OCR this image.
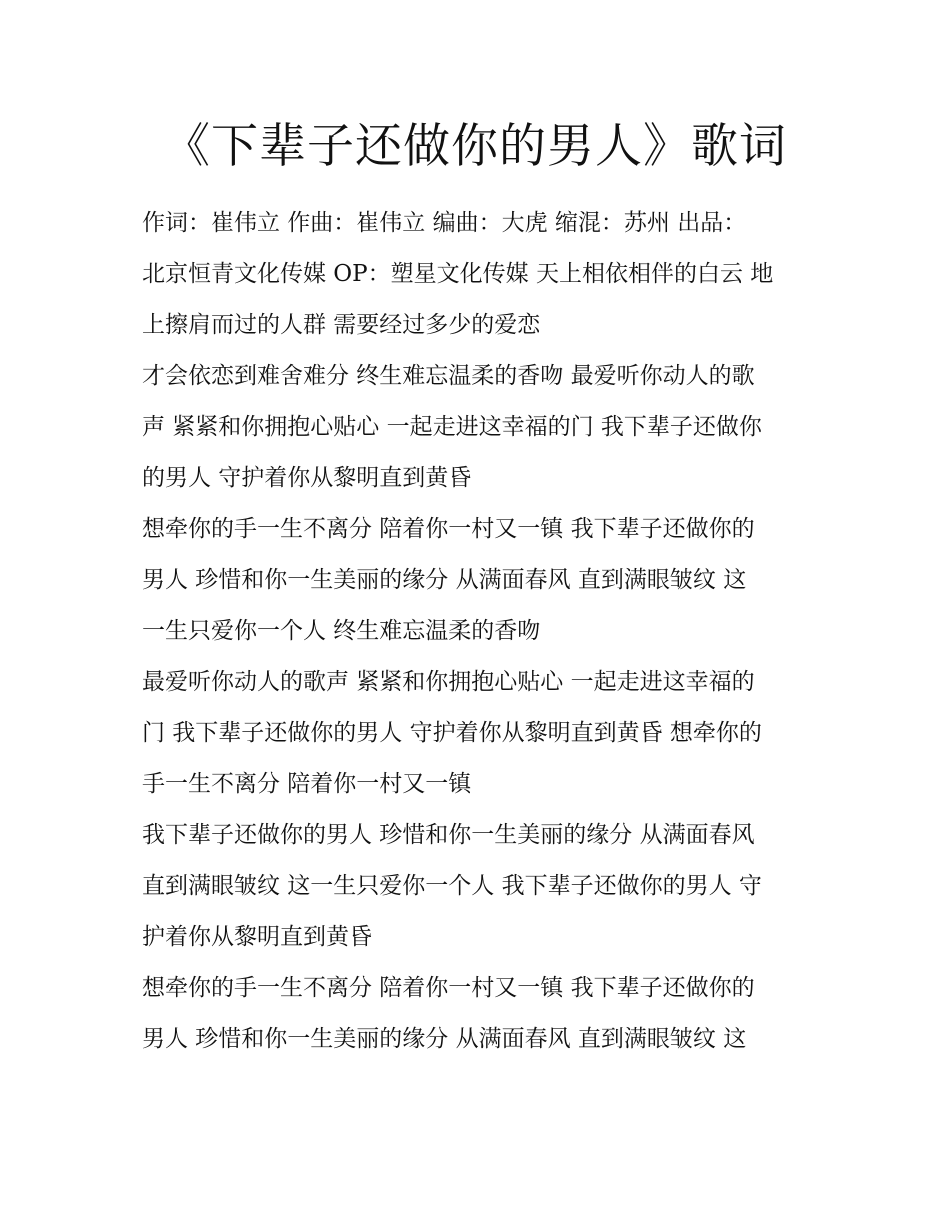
《下辈子还做你的男人》歌词
作词：崔伟立 作曲：崔伟立 编曲：大虎 缩混：苏州 出品：
北京恒青文化传媒 OP：塑星文化传媒 天上相依相伴的白云 地
上擦肩而过的人群 需要经过多少的爱恋
才会依恋到难舍难分 终生难忘温柔的香吻 最爱听你动人的歌
声 紧紧和你拥抱心贴心 一起走进这幸福的门 我下辈子还做你
的男人 守护着你从黎明直到黄昏
想牵你的手一生不离分 陪着你一村又一镇 我下辈子还做你的
男人 珍惜和你一生美丽的缘分 从满面春风 直到满眼皱纹 这
一生只爱你一个人 终生难忘温柔的香吻
最爱听你动人的歌声 紧紧和你拥抱心贴心 一起走进这幸福的
门 我下辈子还做你的男人 守护着你从黎明直到黄昏 想牵你的
手一生不离分 陪着你一村又一镇
我下辈子还做你的男人 珍惜和你一生美丽的缘分 从满面春风
直到满眼皱纹 这一生只爱你一个人 我下辈子还做你的男人 守
护着你从黎明直到黄昏
想牵你的手一生不离分 陪着你一村又一镇 我下辈子还做你的
男人 珍惜和你一生美丽的缘分 从满面春风 直到满眼皱纹 这
